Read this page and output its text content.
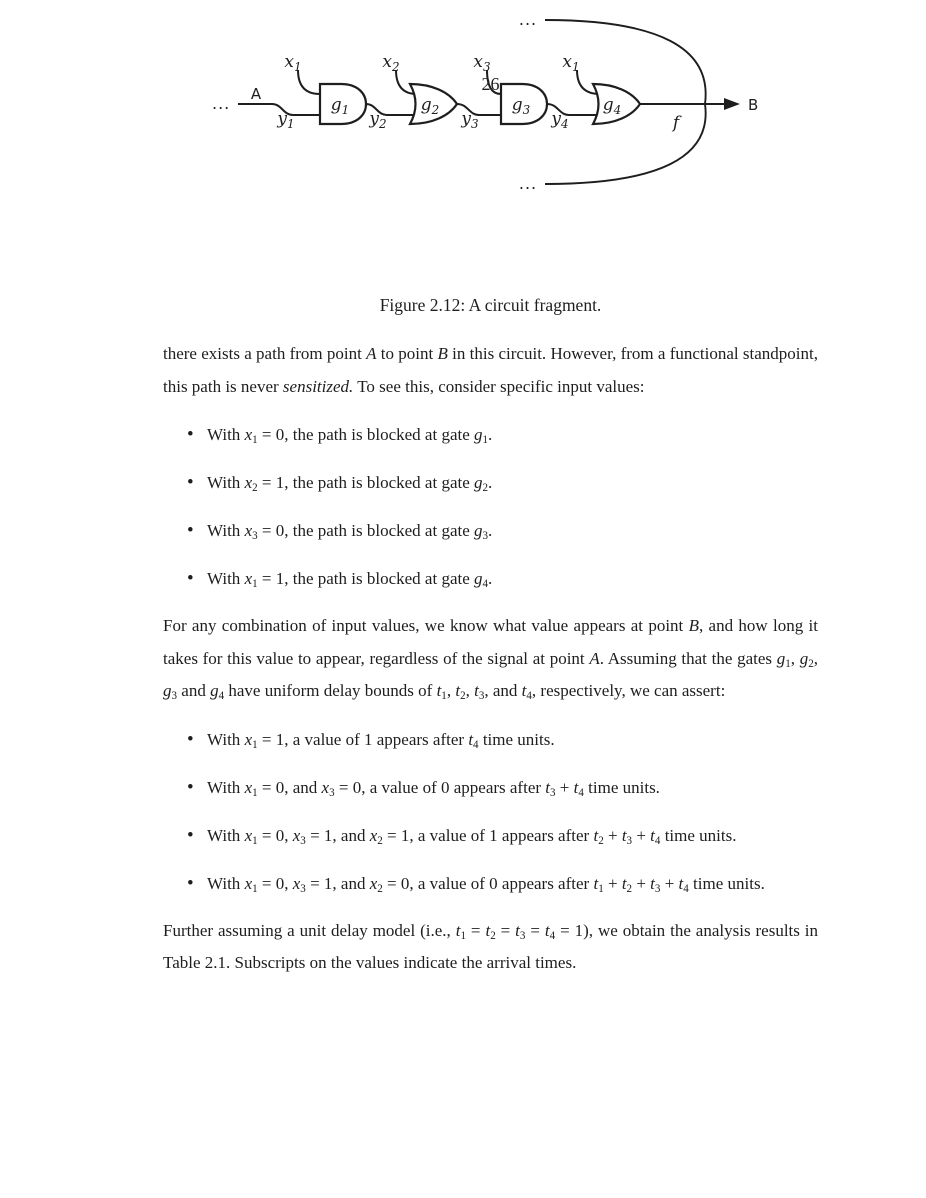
26
...
...
...
A
B
$x_1$	$x_2$	$x_3$	$x_1$
$y_1$	$y_2$	$y_3$	$y_4$
$g_1$	$g_2$	$g_3$	$g_4$
f
Figure 2.12: A circuit fragment.

there exists a path from point A to point B in this circuit. However, from a functional standpoint, this path is never sensitized. To see this, consider specific input values:

• With $x_1 = 0$, the path is blocked at gate $g_1$.
• With $x_2 = 1$, the path is blocked at gate $g_2$.
• With $x_3 = 0$, the path is blocked at gate $g_3$.
• With $x_1 = 1$, the path is blocked at gate $g_4$.

For any combination of input values, we know what value appears at point B, and how long it takes for this value to appear, regardless of the signal at point A. Assuming that the gates $g_1$, $g_2$, $g_3$ and $g_4$ have uniform delay bounds of $t_1$, $t_2$, $t_3$, and $t_4$, respectively, we can assert:

• With $x_1 = 1$, a value of 1 appears after $t_4$ time units.
• With $x_1 = 0$, and $x_3 = 0$, a value of 0 appears after $t_3 + t_4$ time units.
• With $x_1 = 0$, $x_3 = 1$, and $x_2 = 1$, a value of 1 appears after $t_2 + t_3 + t_4$ time units.
• With $x_1 = 0$, $x_3 = 1$, and $x_2 = 0$, a value of 0 appears after $t_1 + t_2 + t_3 + t_4$ time units.

Further assuming a unit delay model (i.e., $t_1 = t_2 = t_3 = t_4 = 1$), we obtain the analysis results in Table 2.1. Subscripts on the values indicate the arrival times.
